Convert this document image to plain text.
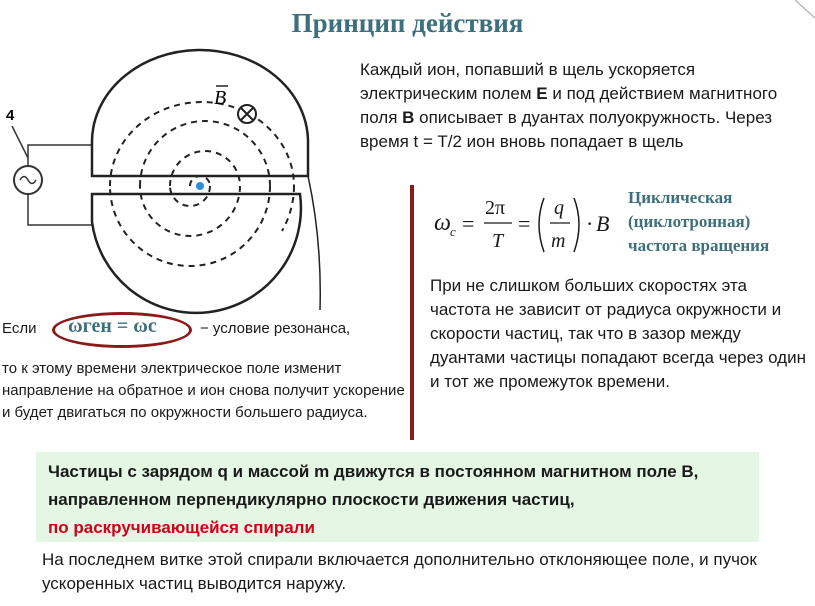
Принцип действия
4
B
Каждый ион, попавший в щель ускоряется электрическим полем E и под действием магнитного поля B описывает в дуантах полуокружность. Через время t = T/2 ион вновь попадает в щель
ω c =
2π
T
=
q
m
· B
Циклическая
(циклотронная)
частота вращения
При не слишком больших скоростях эта частота не зависит от радиуса окружности и скорости частиц, так что в зазор между дуантами частицы попадают всегда через один и тот же промежуток времени.
Если ωген = ωc	− условие резонанса,
то к этому времени электрическое поле изменит направление на обратное и ион снова получит ускорение и будет двигаться по окружности большего радиуса.

Частицы с зарядом q и массой m движутся в постоянном магнитном поле B, направленном перпендикулярно плоскости движения частиц,
по раскручивающейся спирали

На последнем витке этой спирали включается дополнительно отклоняющее поле, и пучок ускоренных частиц выводится наружу.
